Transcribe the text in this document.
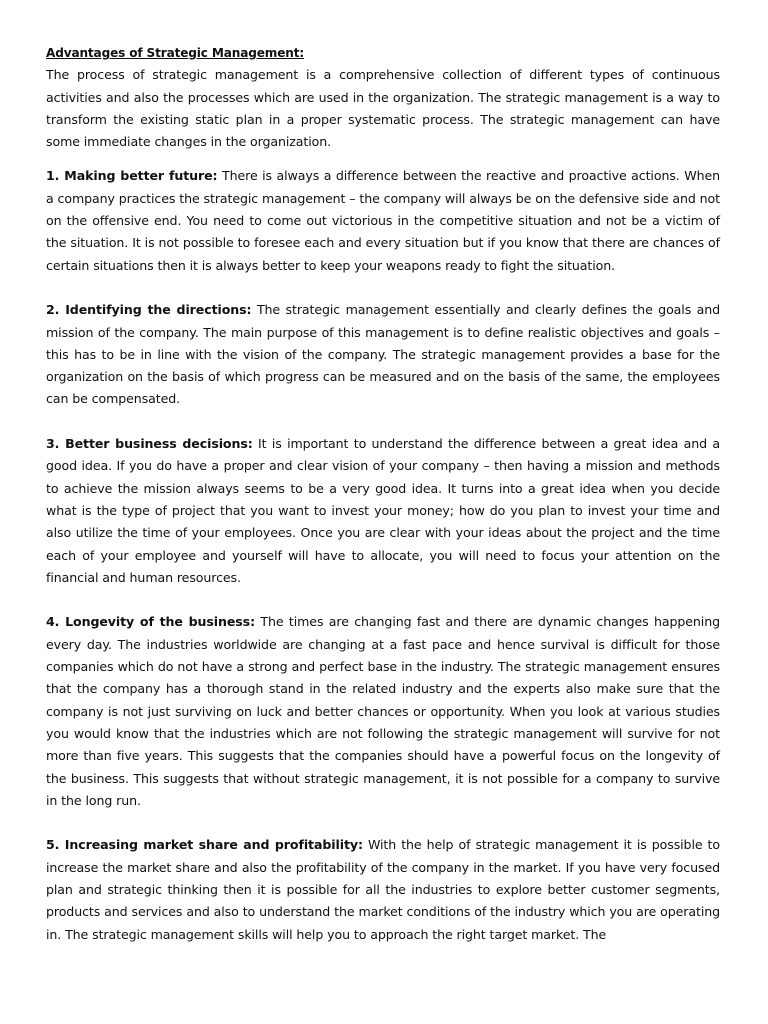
Advantages of Strategic Management:

The process of strategic management is a comprehensive collection of different types of continuous activities and also the processes which are used in the organization. The strategic management is a way to transform the existing static plan in a proper systematic process. The strategic management can have some immediate changes in the organization.

1. Making better future: There is always a difference between the reactive and proactive actions. When a company practices the strategic management – the company will always be on the defensive side and not on the offensive end. You need to come out victorious in the competitive situation and not be a victim of the situation. It is not possible to foresee each and every situation but if you know that there are chances of certain situations then it is always better to keep your weapons ready to fight the situation.

2. Identifying the directions: The strategic management essentially and clearly defines the goals and mission of the company. The main purpose of this management is to define realistic objectives and goals – this has to be in line with the vision of the company. The strategic management provides a base for the organization on the basis of which progress can be measured and on the basis of the same, the employees can be compensated.

3. Better business decisions: It is important to understand the difference between a great idea and a good idea. If you do have a proper and clear vision of your company – then having a mission and methods to achieve the mission always seems to be a very good idea. It turns into a great idea when you decide what is the type of project that you want to invest your money; how do you plan to invest your time and also utilize the time of your employees. Once you are clear with your ideas about the project and the time each of your employee and yourself will have to allocate, you will need to focus your attention on the financial and human resources.

4. Longevity of the business: The times are changing fast and there are dynamic changes happening every day. The industries worldwide are changing at a fast pace and hence survival is difficult for those companies which do not have a strong and perfect base in the industry. The strategic management ensures that the company has a thorough stand in the related industry and the experts also make sure that the company is not just surviving on luck and better chances or opportunity. When you look at various studies you would know that the industries which are not following the strategic management will survive for not more than five years. This suggests that the companies should have a powerful focus on the longevity of the business. This suggests that without strategic management, it is not possible for a company to survive in the long run.

5. Increasing market share and profitability: With the help of strategic management it is possible to increase the market share and also the profitability of the company in the market. If you have very focused plan and strategic thinking then it is possible for all the industries to explore better customer segments, products and services and also to understand the market conditions of the industry which you are operating in. The strategic management skills will help you to approach the right target market. The
